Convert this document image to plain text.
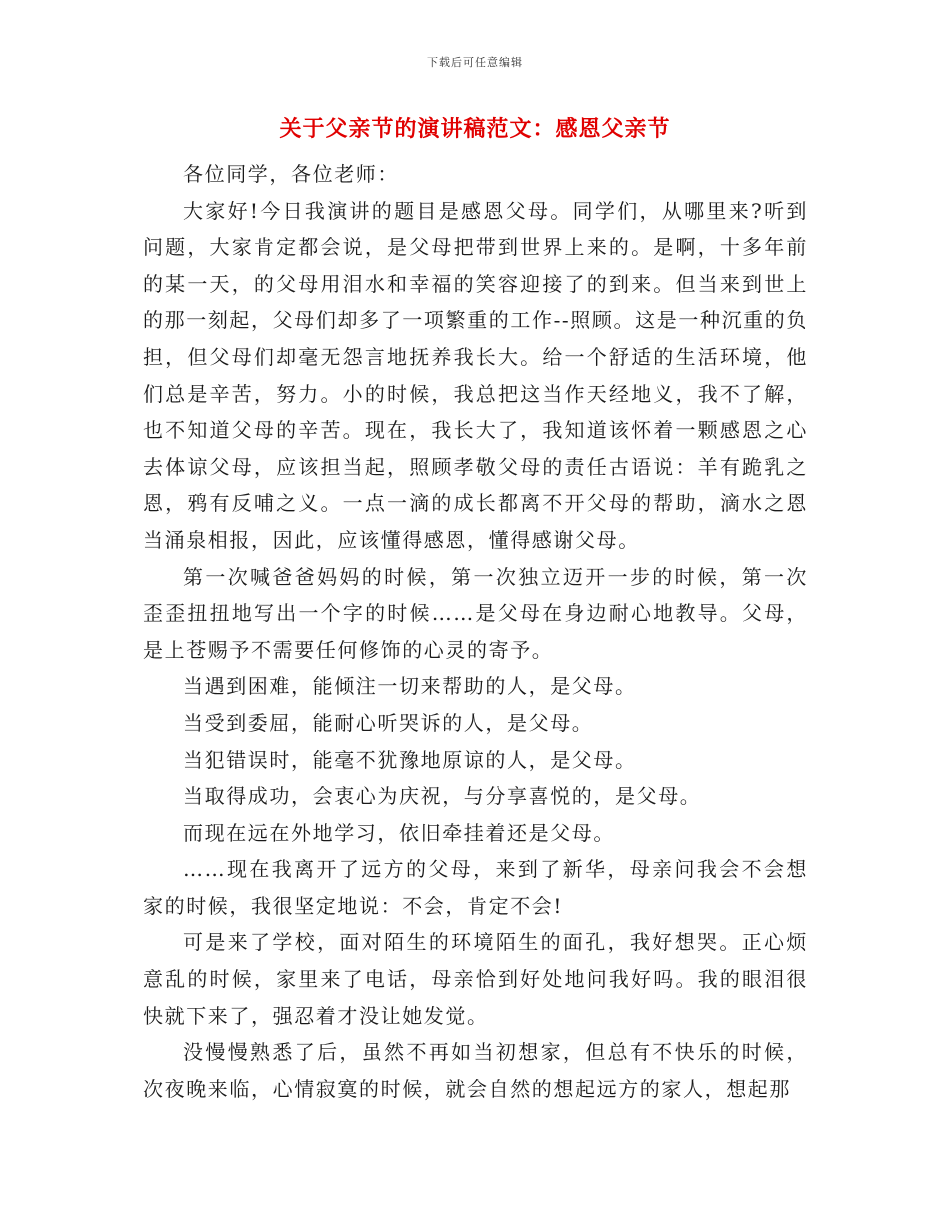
下载后可任意编辑
关于父亲节的演讲稿范文：感恩父亲节

各位同学，各位老师：

大家好!今日我演讲的题目是感恩父母。同学们，从哪里来?听到问题，大家肯定都会说，是父母把带到世界上来的。是啊，十多年前的某一天，的父母用泪水和幸福的笑容迎接了的到来。但当来到世上的那一刻起，父母们却多了一项繁重的工作--照顾。这是一种沉重的负担，但父母们却毫无怨言地抚养我长大。给一个舒适的生活环境，他们总是辛苦，努力。小的时候，我总把这当作天经地义，我不了解，也不知道父母的辛苦。现在，我长大了，我知道该怀着一颗感恩之心去体谅父母，应该担当起，照顾孝敬父母的责任古语说：羊有跪乳之恩，鸦有反哺之义。一点一滴的成长都离不开父母的帮助，滴水之恩当涌泉相报，因此，应该懂得感恩，懂得感谢父母。

第一次喊爸爸妈妈的时候，第一次独立迈开一步的时候，第一次歪歪扭扭地写出一个字的时候……是父母在身边耐心地教导。父母，是上苍赐予不需要任何修饰的心灵的寄予。

当遇到困难，能倾注一切来帮助的人，是父母。

当受到委屈，能耐心听哭诉的人，是父母。

当犯错误时，能毫不犹豫地原谅的人，是父母。

当取得成功，会衷心为庆祝，与分享喜悦的，是父母。

而现在远在外地学习，依旧牵挂着还是父母。

……现在我离开了远方的父母，来到了新华，母亲问我会不会想家的时候，我很坚定地说：不会，肯定不会!

可是来了学校，面对陌生的环境陌生的面孔，我好想哭。正心烦意乱的时候，家里来了电话，母亲恰到好处地问我好吗。我的眼泪很快就下来了，强忍着才没让她发觉。

没慢慢熟悉了后，虽然不再如当初想家，但总有不快乐的时候，次夜晚来临，心情寂寞的时候，就会自然的想起远方的家人，想起那
